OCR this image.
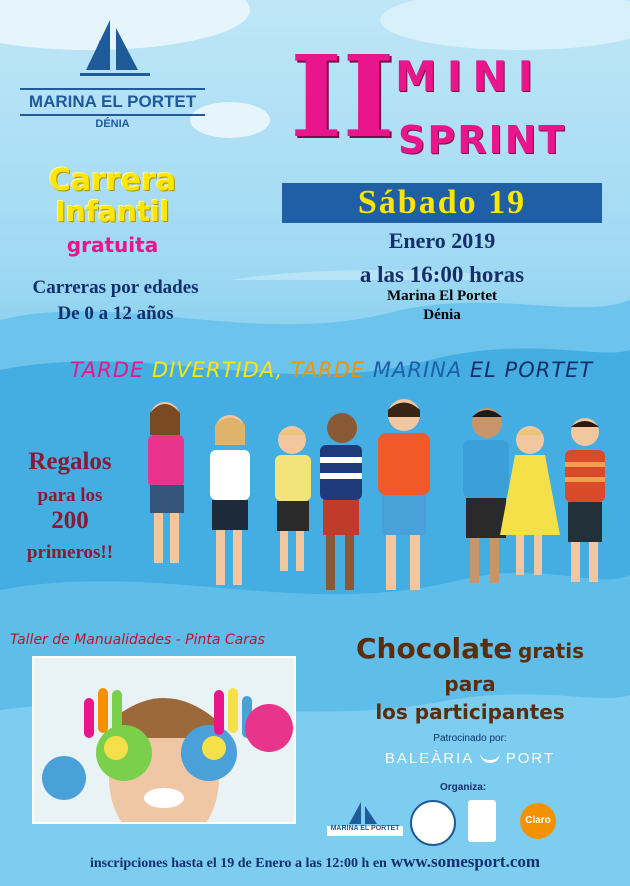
MARINA EL PORTET
DÉNIA	II MINI
SPRINT
Sábado 19
Enero 2019
a las 16:00 horas
Marina El Portet
Dénia
Carrera
Infantil
gratuita
Carreras por edades
De 0 a 12 años
TARDE DIVERTIDA, TARDE MARINA EL PORTET
Regalos
para los
200
primeros!!
Taller de Manualidades - Pinta Caras	Chocolate gratis
para
los participantes
Patrocinado por:
BALEÀRIA PORT
Organiza:
MARINA EL PORTET
Claro
inscripciones hasta el 19 de Enero a las 12:00 h en www.somesport.com
